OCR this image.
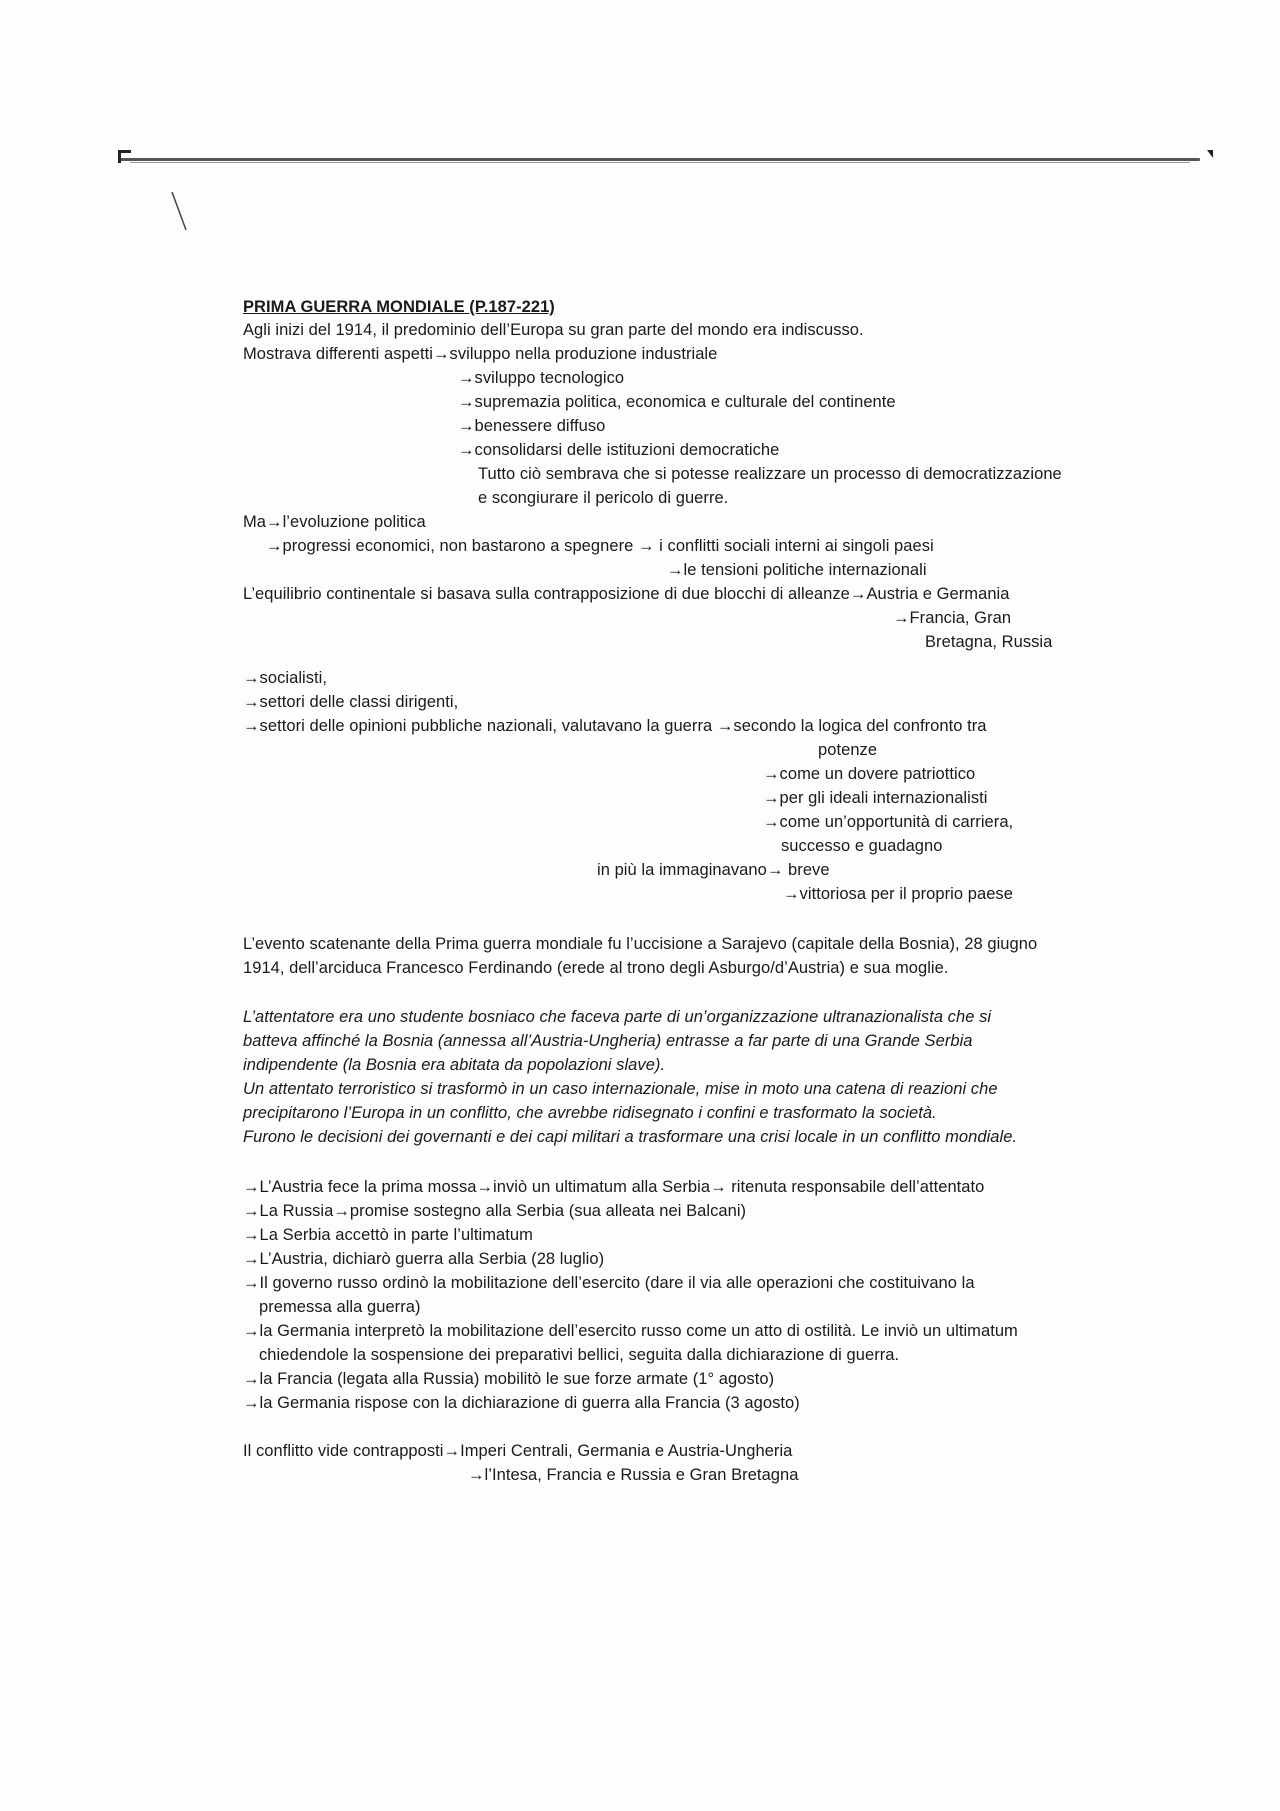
PRIMA GUERRA MONDIALE (P.187-221)
Agli inizi del 1914, il predominio dell’Europa su gran parte del mondo era indiscusso.
Mostrava differenti aspetti→sviluppo nella produzione industriale
→sviluppo tecnologico
→supremazia politica, economica e culturale del continente
→benessere diffuso
→consolidarsi delle istituzioni democratiche
Tutto ciò sembrava che si potesse realizzare un processo di democratizzazione
e scongiurare il pericolo di guerre.
Ma→l’evoluzione politica
→progressi economici, non bastarono a spegnere → i conflitti sociali interni ai singoli paesi
→le tensioni politiche internazionali
L’equilibrio continentale si basava sulla contrapposizione di due blocchi di alleanze→Austria e Germania
→Francia, Gran
Bretagna, Russia
→socialisti,
→settori delle classi dirigenti,
→settori delle opinioni pubbliche nazionali, valutavano la guerra →secondo la logica del confronto tra
potenze
→come un dovere patriottico
→per gli ideali internazionalisti
→come un’opportunità di carriera,
successo e guadagno
in più la immaginavano→ breve
→vittoriosa per il proprio paese
L’evento scatenante della Prima guerra mondiale fu l’uccisione a Sarajevo (capitale della Bosnia), 28 giugno
1914, dell’arciduca Francesco Ferdinando (erede al trono degli Asburgo/d’Austria) e sua moglie.
L’attentatore era uno studente bosniaco che faceva parte di un’organizzazione ultranazionalista che si
batteva affinché la Bosnia (annessa all’Austria-Ungheria) entrasse a far parte di una Grande Serbia
indipendente (la Bosnia era abitata da popolazioni slave).
Un attentato terroristico si trasformò in un caso internazionale, mise in moto una catena di reazioni che
precipitarono l’Europa in un conflitto, che avrebbe ridisegnato i confini e trasformato la società.
Furono le decisioni dei governanti e dei capi militari a trasformare una crisi locale in un conflitto mondiale.
→L’Austria fece la prima mossa→inviò un ultimatum alla Serbia→ ritenuta responsabile dell’attentato
→La Russia→promise sostegno alla Serbia (sua alleata nei Balcani)
→La Serbia accettò in parte l’ultimatum
→L’Austria, dichiarò guerra alla Serbia (28 luglio)
→Il governo russo ordinò la mobilitazione dell’esercito (dare il via alle operazioni che costituivano la
premessa alla guerra)
→la Germania interpretò la mobilitazione dell’esercito russo come un atto di ostilità. Le inviò un ultimatum
chiedendole la sospensione dei preparativi bellici, seguita dalla dichiarazione di guerra.
→la Francia (legata alla Russia) mobilitò le sue forze armate (1° agosto)
→la Germania rispose con la dichiarazione di guerra alla Francia (3 agosto)
Il conflitto vide contrapposti→Imperi Centrali, Germania e Austria-Ungheria
→l’Intesa, Francia e Russia e Gran Bretagna
